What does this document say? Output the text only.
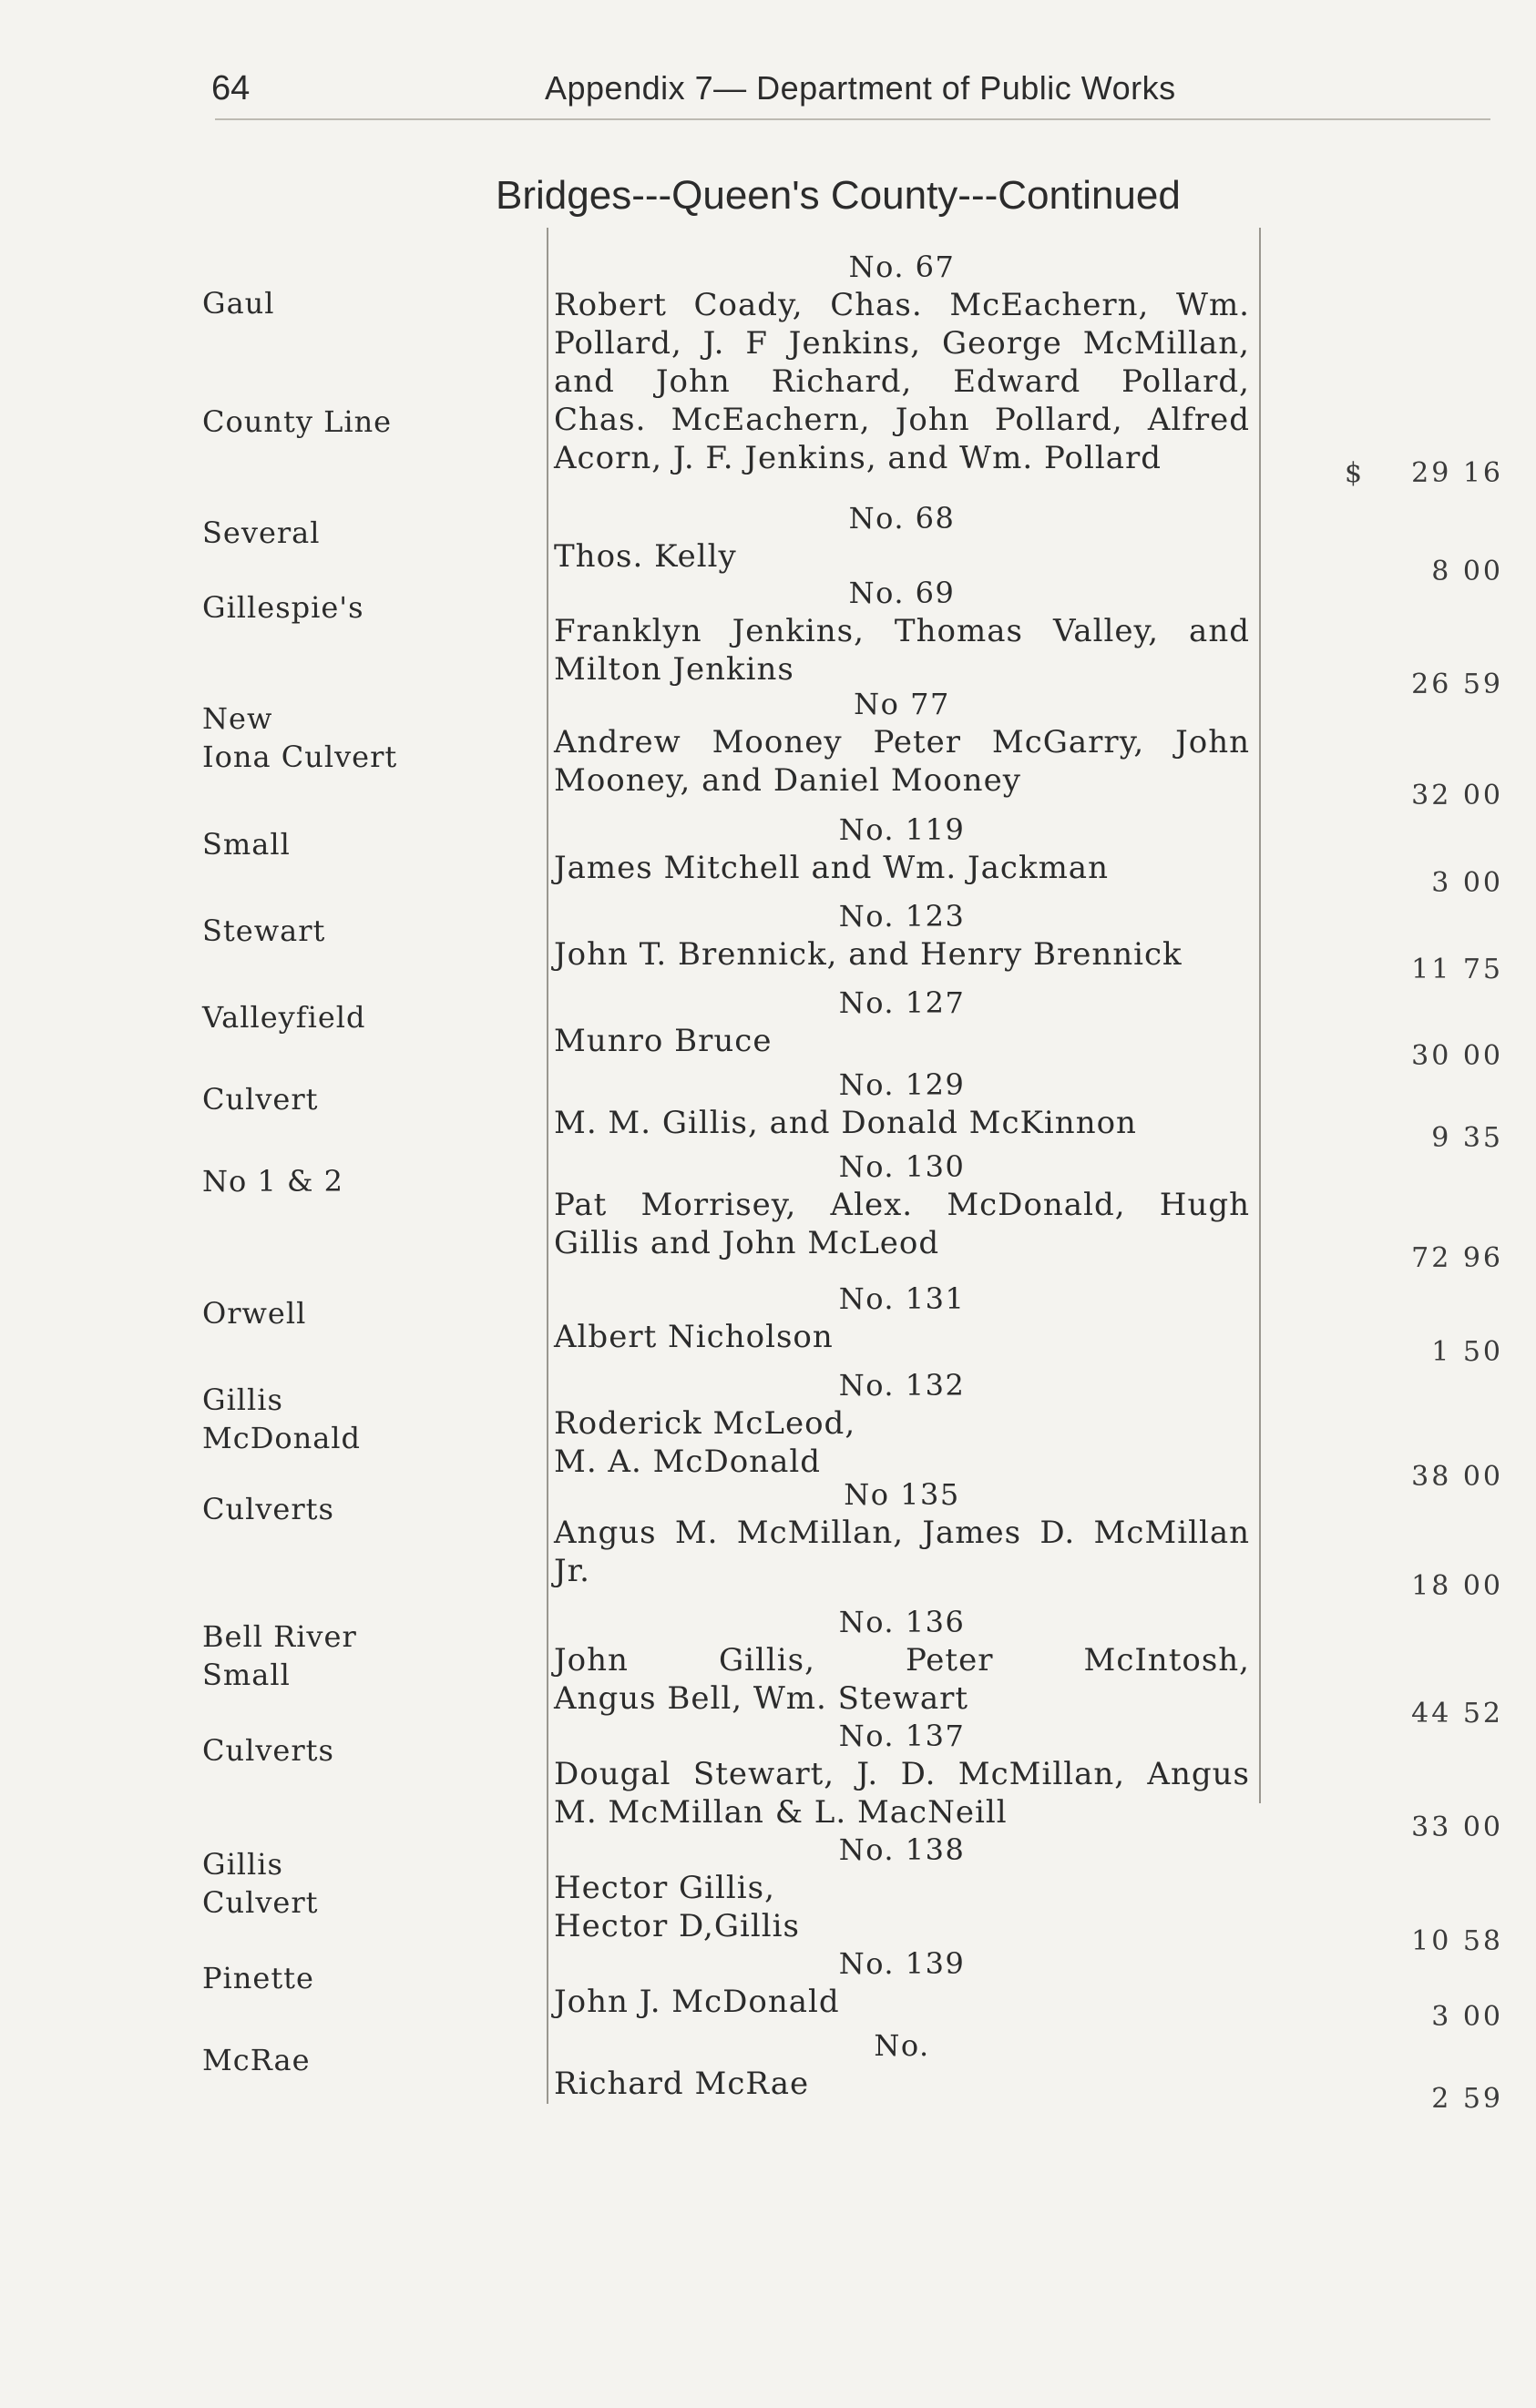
64	Appendix 7— Department of Public Works
Bridges---Queen's County---Continued
No. 67
Robert Coady, Chas. McEachern, Wm.
Pollard, J. F Jenkins, George McMillan,
and John Richard, Edward Pollard,
Chas. McEachern, John Pollard, Alfred
Acorn, J. F. Jenkins, and Wm. Pollard
Gaul
County Line
$ 29 16
No. 68
Thos. Kelly
Several
8 00
No. 69
Franklyn Jenkins, Thomas Valley, and
Milton Jenkins
Gillespie's
26 59
No 77
Andrew Mooney Peter McGarry, John
Mooney, and Daniel Mooney
New
Iona Culvert
32 00
No. 119
James Mitchell and Wm. Jackman
Small
3 00
No. 123
John T. Brennick, and Henry Brennick
Stewart
11 75
No. 127
Munro Bruce
Valleyfield
30 00
No. 129
M. M. Gillis, and Donald McKinnon
Culvert
9 35
No. 130
Pat Morrisey, Alex. McDonald, Hugh
Gillis and John McLeod
No 1 & 2
72 96
No. 131
Albert Nicholson
Orwell
1 50
No. 132
Roderick McLeod,
M. A. McDonald
Gillis
McDonald
38 00
No 135
Angus M. McMillan, James D. McMillan
Jr.
Culverts
18 00
No. 136
John Gillis, Peter McIntosh,
Angus Bell, Wm. Stewart
Bell River
Small
44 52
No. 137
Dougal Stewart, J. D. McMillan, Angus
M. McMillan & L. MacNeill
Culverts
33 00
No. 138
Hector Gillis,
Hector D,Gillis
Gillis
Culvert
10 58
No. 139
John J. McDonald
Pinette
3 00
No.
Richard McRae
McRae
2 59
